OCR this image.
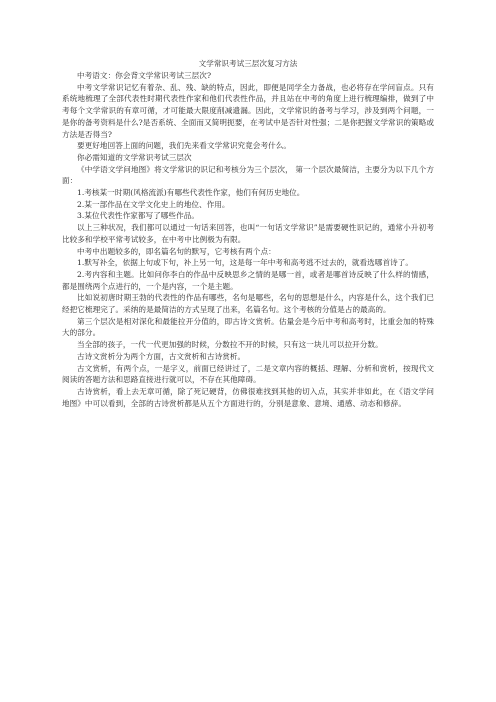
文学常识考试三层次复习方法

中考语文：你会背文学常识考试三层次?

中考文学常识记忆有着杂、乱、残、缺的特点，因此，即便是同学全力备战，也必将存在学问盲点。只有系统地梳理了全部代表性时期代表性作家和他们代表性作品，并且站在中考的角度上进行梳理编排，做到了中考每个文学常识的有章可循，才可能最大限度削减遗漏。因此，文学常识的备考与学习，涉及到两个问题，一是你的备考资料是什么?是否系统、全面而又简明扼要，在考试中是否针对性强；二是你把握文学常识的策略或方法是否得当?

要更好地回答上面的问题，我们先来看文学常识究竟会考什么。

你必需知道的文学常识考试三层次

《中学语文学问地图》将文学常识的识记和考核分为三个层次， 第一个层次最简洁，主要分为以下几个方面：

1.考核某一时期(风格流派)有哪些代表性作家，他们有何历史地位。

2.某一部作品在文学文化史上的地位、作用。

3.某位代表性作家都写了哪些作品。

以上三种状况，我们都可以通过一句话来回答，也叫“一句话文学常识”是需要硬性识记的，通常小升初考比较多和学校平常考试较多，在中考中比例极为有限。

中考中出题较多的，即名篇名句的默写，它考核有两个点：

1.默写补全，依据上句或下句，补上另一句，这是每一年中考和高考逃不过去的，就看选哪首诗了。

2.考内容和主题。比如问你李白的作品中反映思乡之情的是哪一首，或者是哪首诗反映了什么样的情感，都是围绕两个点进行的，一个是内容，一个是主题。

比如说初唐时期王勃的代表性的作品有哪些，名句是哪些，名句的思想是什么，内容是什么，这个我们已经把它梳理完了。采纳的是最简洁的方式呈现了出来，名篇名句。这个考核的分值是占的最高的。

第三个层次是相对深化和最能拉开分值的，即古诗文赏析。估量会是今后中考和高考时，比重会加的特殊大的部分。

当全部的孩子，一代一代更加强的时候，分数拉不开的时候，只有这一块儿可以拉开分数。

古诗文赏析分为两个方面，古文赏析和古诗赏析。

古文赏析，有两个点，一是字义，前面已经讲过了，二是文章内容的概括、理解、分析和赏析，按现代文阅读的答题方法和思路直接进行就可以，不存在其他障碍。

古诗赏析，看上去无章可循，除了死记硬背，仿佛很难找到其他的切入点，其实并非如此，在《语文学问地图》中可以看到，全部的古诗赏析都是从五个方面进行的，分别是意象、意境、通感、动态和修辞。
